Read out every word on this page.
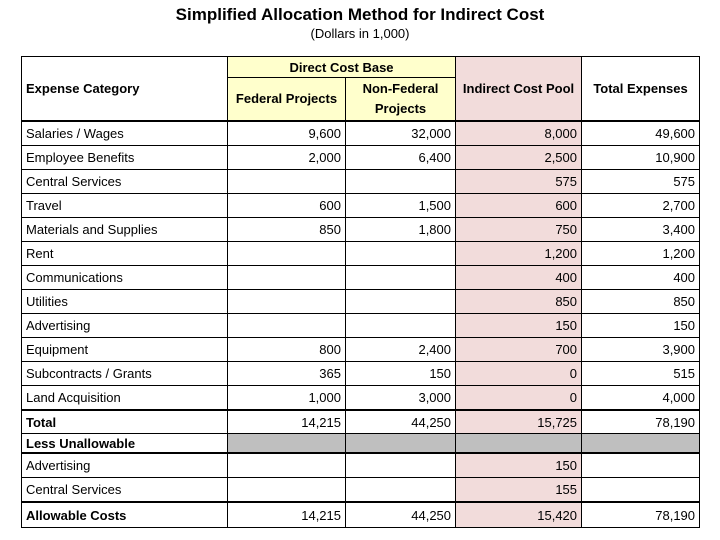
Simplified Allocation Method for Indirect Cost
(Dollars in 1,000)
Expense Category	Direct Cost Base		Indirect Cost Pool	Total Expenses
	Federal Projects	Non-Federal Projects		
Salaries / Wages	9,600	32,000	8,000	49,600
Employee Benefits	2,000	6,400	2,500	10,900
Central Services			575	575
Travel	600	1,500	600	2,700
Materials and Supplies	850	1,800	750	3,400
Rent			1,200	1,200
Communications			400	400
Utilities			850	850
Advertising			150	150
Equipment	800	2,400	700	3,900
Subcontracts / Grants	365	150	0	515
Land Acquisition	1,000	3,000	0	4,000
Total	14,215	44,250	15,725	78,190
Less Unallowable				
Advertising			150	
Central Services			155	
Allowable Costs	14,215	44,250	15,420	78,190
